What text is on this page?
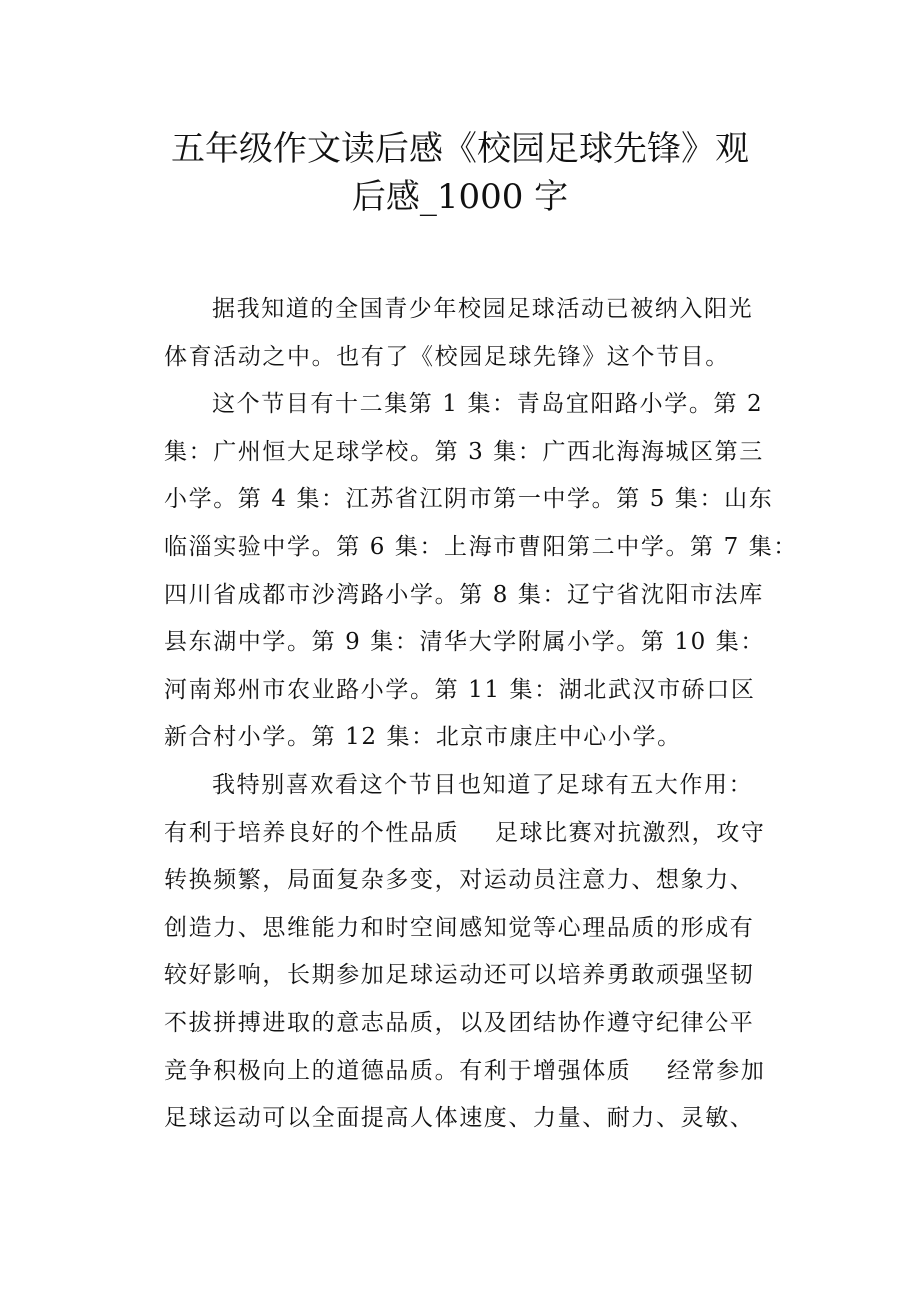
五年级作文读后感《校园足球先锋》观
后感_1000 字
据我知道的全国青少年校园足球活动已被纳入阳光
体育活动之中。也有了《校园足球先锋》这个节目。
这个节目有十二集第 1 集：青岛宜阳路小学。第 2
集：广州恒大足球学校。第 3 集：广西北海海城区第三
小学。第 4 集：江苏省江阴市第一中学。第 5 集：山东
临淄实验中学。第 6 集：上海市曹阳第二中学。第 7 集：
四川省成都市沙湾路小学。第 8 集：辽宁省沈阳市法库
县东湖中学。第 9 集：清华大学附属小学。第 10 集：
河南郑州市农业路小学。第 11 集：湖北武汉市硚口区
新合村小学。第 12 集：北京市康庄中心小学。
我特别喜欢看这个节目也知道了足球有五大作用：
有利于培养良好的个性品质    足球比赛对抗激烈，攻守
转换频繁，局面复杂多变，对运动员注意力、想象力、
创造力、思维能力和时空间感知觉等心理品质的形成有
较好影响，长期参加足球运动还可以培养勇敢顽强坚韧
不拔拼搏进取的意志品质，以及团结协作遵守纪律公平
竞争积极向上的道德品质。有利于增强体质    经常参加
足球运动可以全面提高人体速度、力量、耐力、灵敏、
